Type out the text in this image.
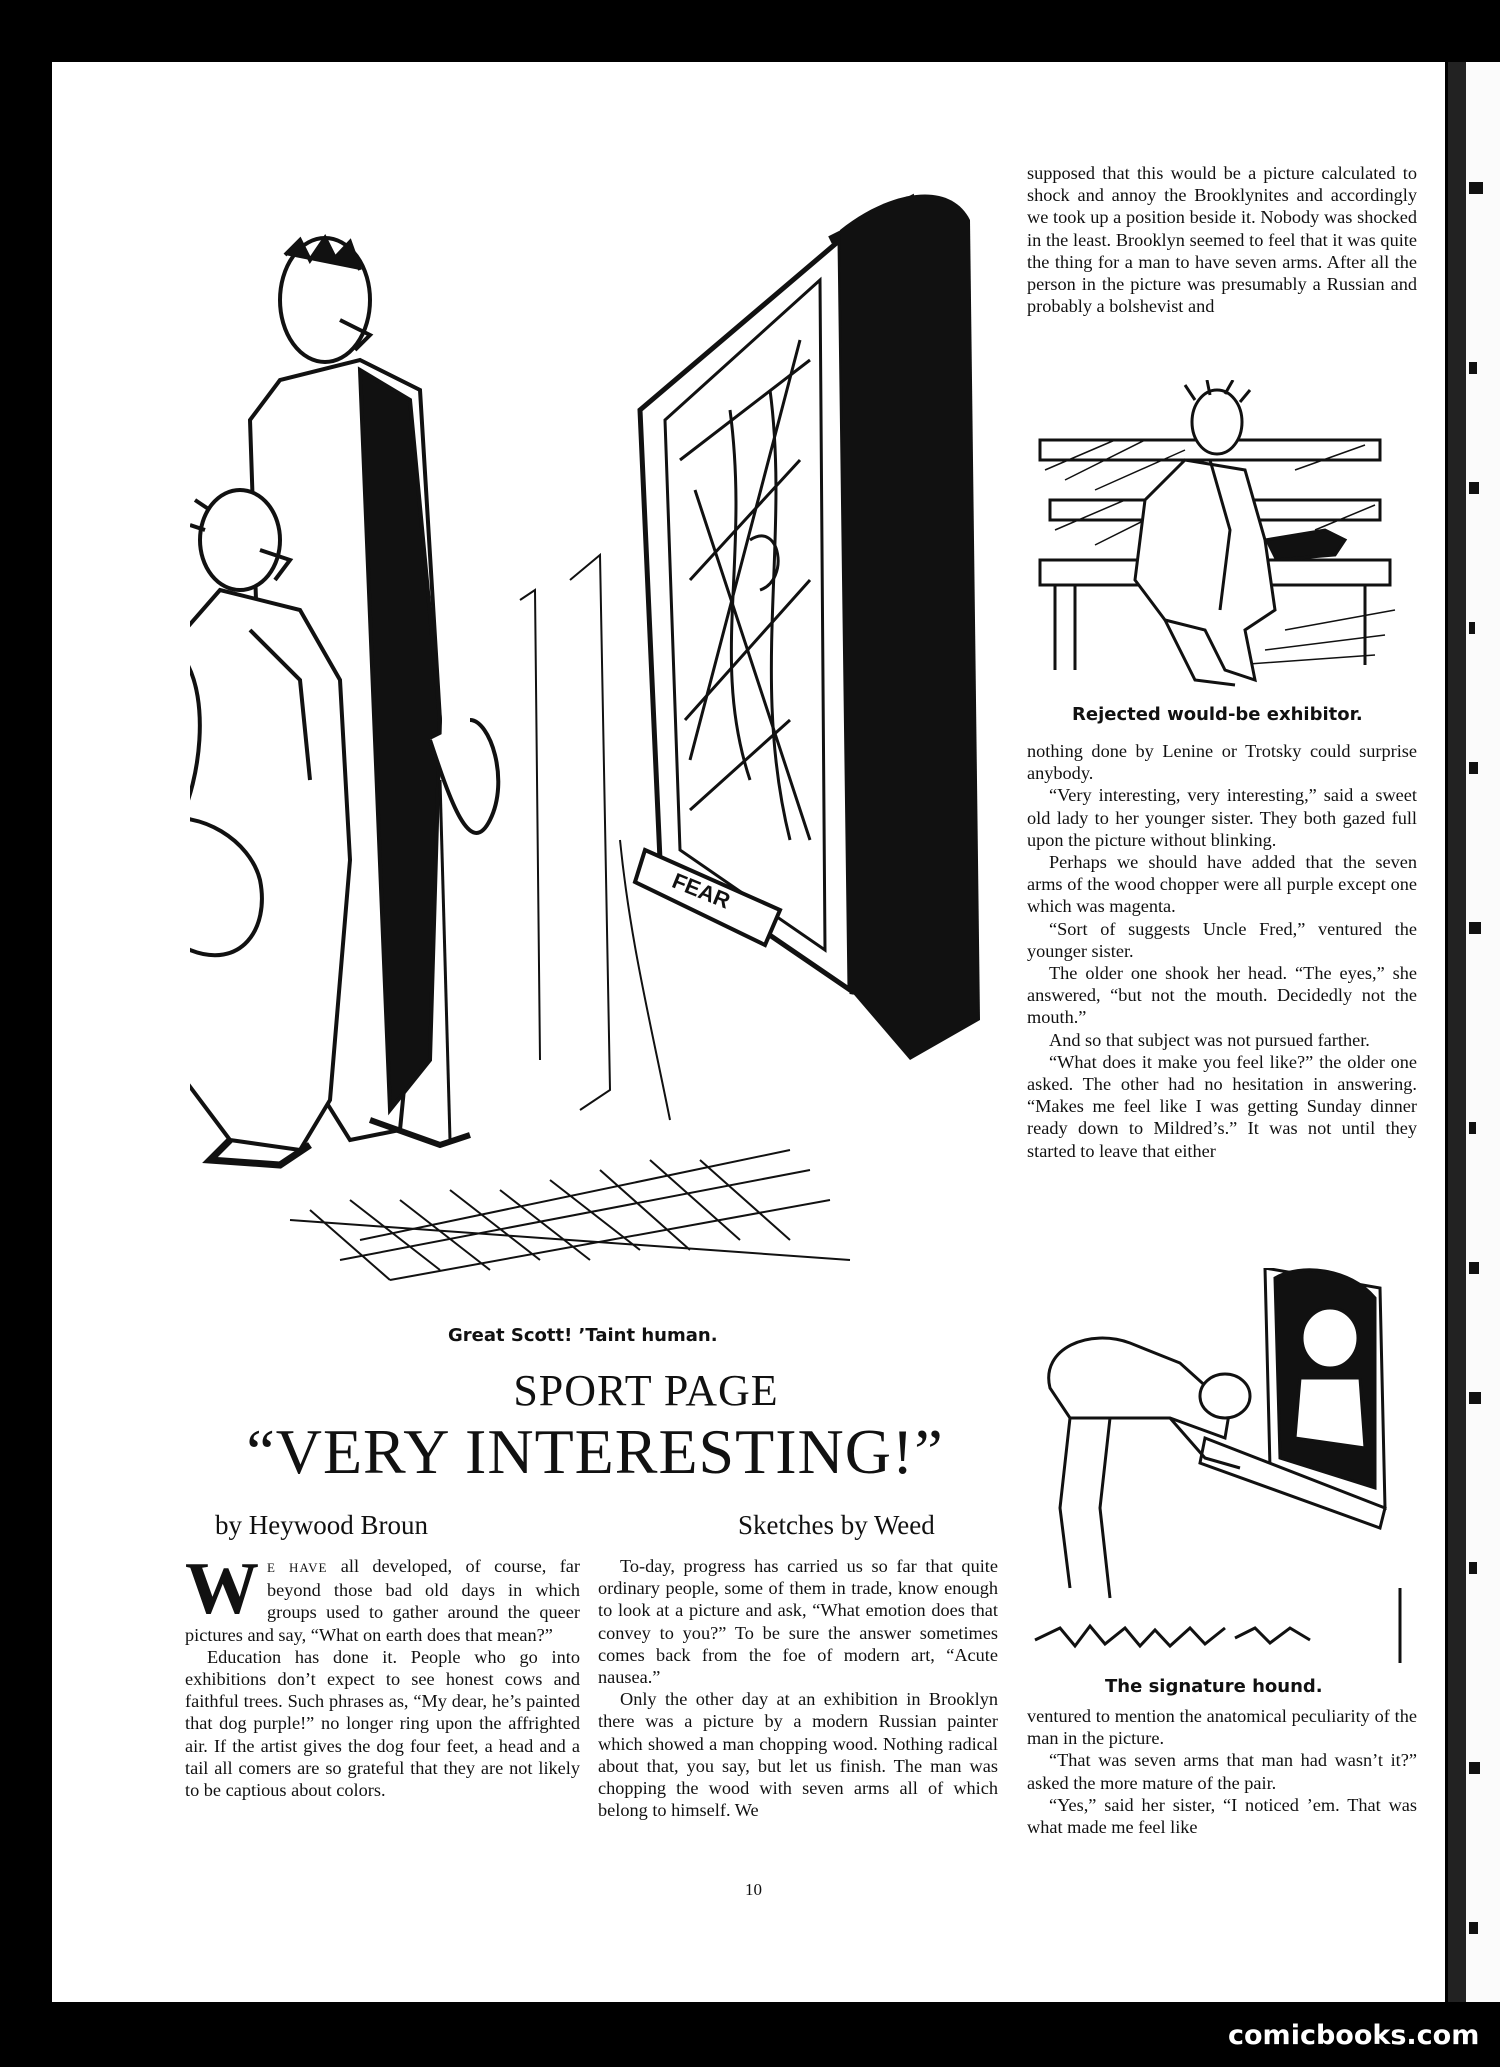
FEAR
Great Scott! ’Taint human.
Rejected would-be exhibitor.
The signature hound.
SPORT PAGE
“VERY INTERESTING!”
by Heywood Broun	Sketches by Weed

W E HAVE all developed, of course, far beyond those bad old days in which groups used to gather around the queer pictures and say, “What on earth does that mean?”

Education has done it. People who go into exhibitions don’t expect to see honest cows and faithful trees. Such phrases as, “My dear, he’s painted that dog purple!” no longer ring upon the affrighted air. If the artist gives the dog four feet, a head and a tail all comers are so grateful that they are not likely to be captious about colors.

To-day, progress has carried us so far that quite ordinary people, some of them in trade, know enough to look at a picture and ask, “What emotion does that convey to you?” To be sure the answer sometimes comes back from the foe of modern art, “Acute nausea.”

Only the other day at an exhibition in Brooklyn there was a picture by a modern Russian painter which showed a man chopping wood. Nothing radical about that, you say, but let us finish. The man was chopping the wood with seven arms all of which belong to himself. We

supposed that this would be a picture calculated to shock and annoy the Brooklynites and accordingly we took up a position beside it. Nobody was shocked in the least. Brooklyn seemed to feel that it was quite the thing for a man to have seven arms. After all the person in the picture was presumably a Russian and probably a bolshevist and

nothing done by Lenine or Trotsky could surprise anybody.

“Very interesting, very interesting,” said a sweet old lady to her younger sister. They both gazed full upon the picture without blinking.

Perhaps we should have added that the seven arms of the wood chopper were all purple except one which was magenta.

“Sort of suggests Uncle Fred,” ventured the younger sister.

The older one shook her head. “The eyes,” she answered, “but not the mouth. Decidedly not the mouth.”

And so that subject was not pursued farther.

“What does it make you feel like?” the older one asked. The other had no hesitation in answering. “Makes me feel like I was getting Sunday dinner ready down to Mildred’s.” It was not until they started to leave that either

ventured to mention the anatomical peculiarity of the man in the picture.

“That was seven arms that man had wasn’t it?” asked the more mature of the pair.

“Yes,” said her sister, “I noticed ’em. That was what made me feel like

10
comicbooks.com
